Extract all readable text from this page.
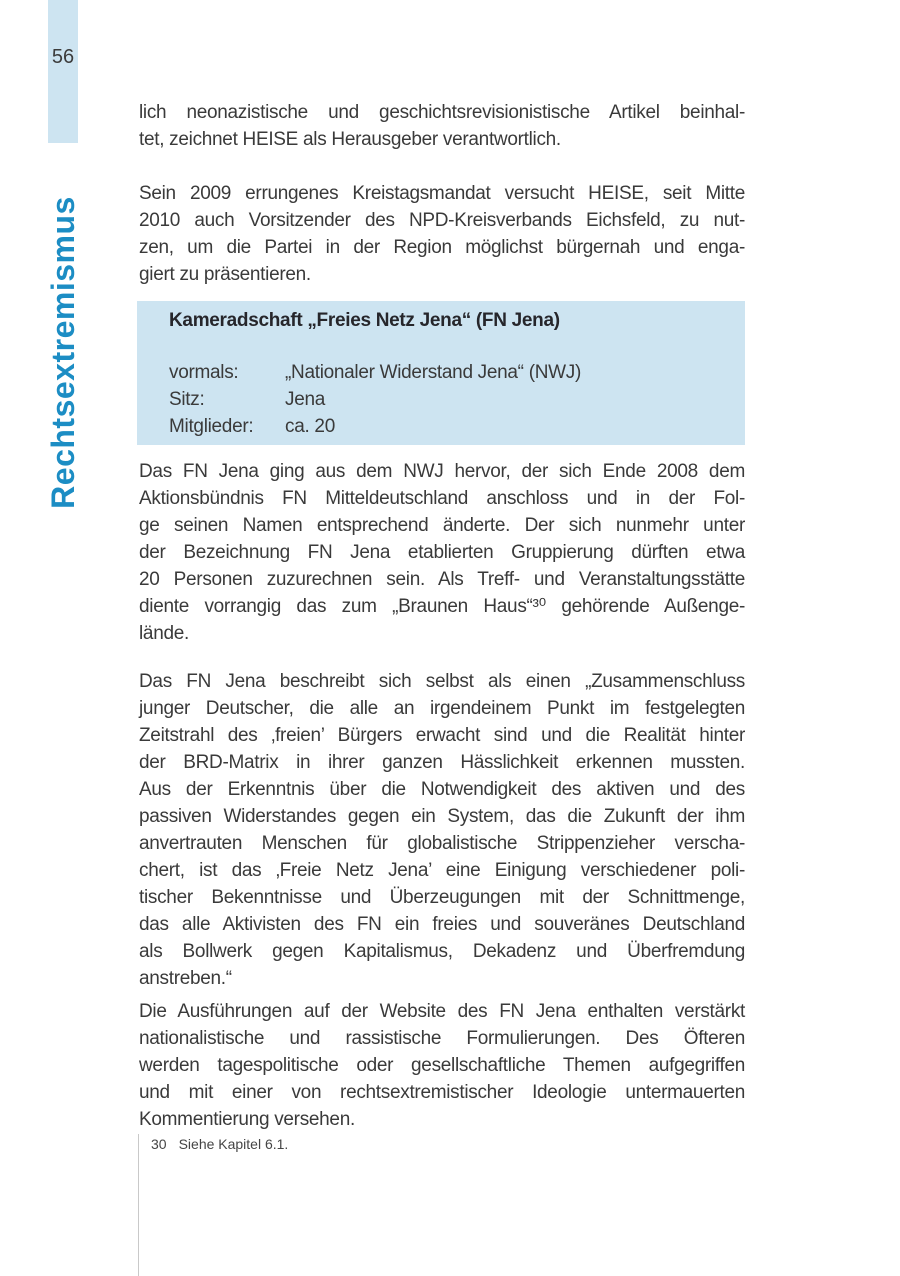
56
Rechtsextremismus
lich neonazistische und geschichtsrevisionistische Artikel beinhal-
tet, zeichnet HEISE als Herausgeber verantwortlich.
Sein 2009 errungenes Kreistagsmandat versucht HEISE, seit Mitte
2010 auch Vorsitzender des NPD-Kreisverbands Eichsfeld, zu nut-
zen, um die Partei in der Region möglichst bürgernah und enga-
giert zu präsentieren.
Kameradschaft „Freies Netz Jena“ (FN Jena)
vormals:	„Nationaler Widerstand Jena“ (NWJ)
Sitz:	Jena
Mitglieder:	ca. 20
Das FN Jena ging aus dem NWJ hervor, der sich Ende 2008 dem
Aktionsbündnis FN Mitteldeutschland anschloss und in der Fol-
ge seinen Namen entsprechend änderte. Der sich nunmehr unter
der Bezeichnung FN Jena etablierten Gruppierung dürften etwa
20 Personen zuzurechnen sein. Als Treff- und Veranstaltungsstätte
diente vorrangig das zum „Braunen Haus“³⁰ gehörende Außenge-
lände.
Das FN Jena beschreibt sich selbst als einen „Zusammenschluss
junger Deutscher, die alle an irgendeinem Punkt im festgelegten
Zeitstrahl des ‚freien’ Bürgers erwacht sind und die Realität hinter
der BRD-Matrix in ihrer ganzen Hässlichkeit erkennen mussten.
Aus der Erkenntnis über die Notwendigkeit des aktiven und des
passiven Widerstandes gegen ein System, das die Zukunft der ihm
anvertrauten Menschen für globalistische Strippenzieher verscha-
chert, ist das ‚Freie Netz Jena’ eine Einigung verschiedener poli-
tischer Bekenntnisse und Überzeugungen mit der Schnittmenge,
das alle Aktivisten des FN ein freies und souveränes Deutschland
als Bollwerk gegen Kapitalismus, Dekadenz und Überfremdung
anstreben.“
Die Ausführungen auf der Website des FN Jena enthalten verstärkt
nationalistische und rassistische Formulierungen. Des Öfteren
werden tagespolitische oder gesellschaftliche Themen aufgegriffen
und mit einer von rechtsextremistischer Ideologie untermauerten
Kommentierung versehen.
30 Siehe Kapitel 6.1.
